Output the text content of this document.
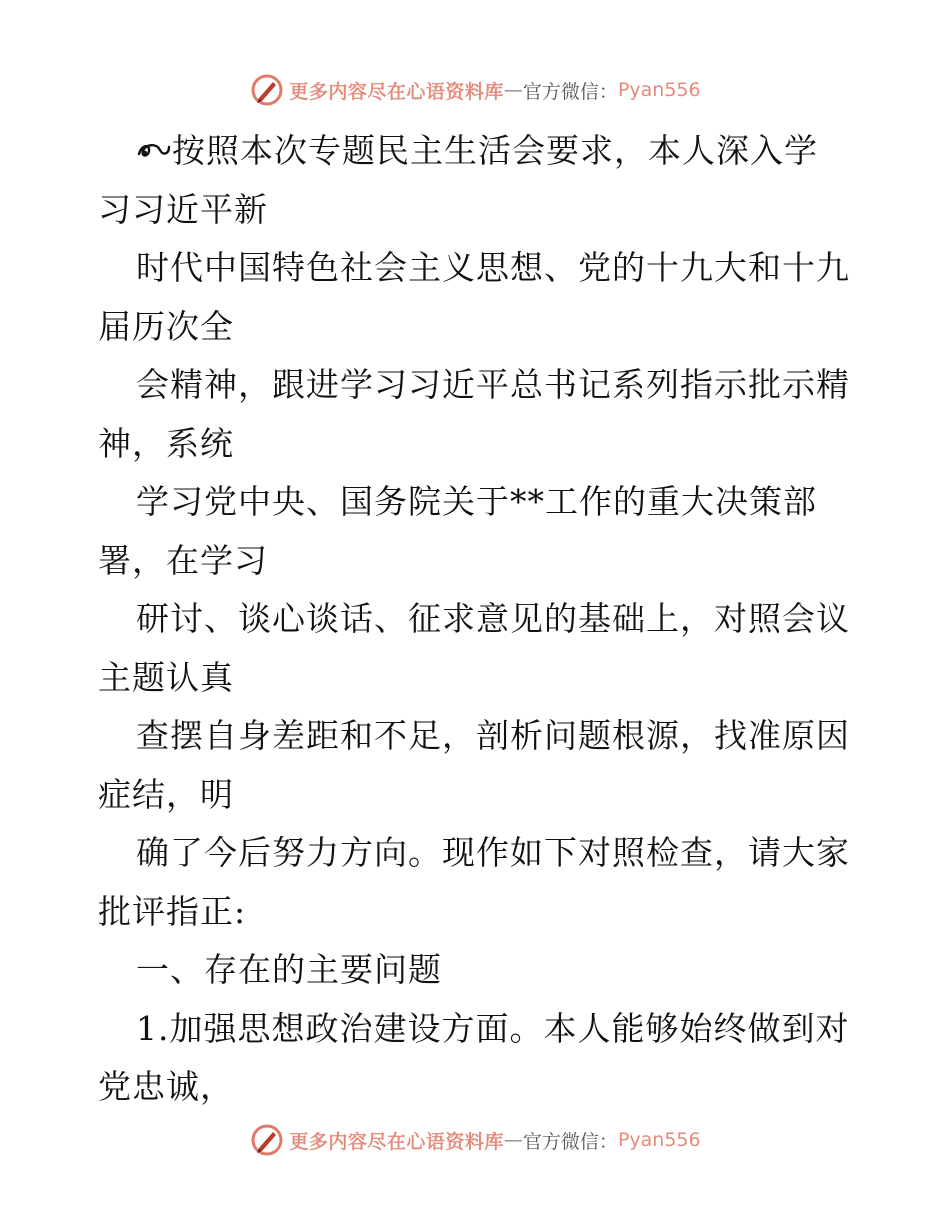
更多内容尽在心语资料库 — 官方微信： Pyan556
按照本次专题民主生活会要求，本人深入学
习习近平新
时代中国特色社会主义思想、党的十九大和十九
届历次全
会精神，跟进学习习近平总书记系列指示批示精
神，系统
学习党中央、国务院关于**工作的重大决策部
署，在学习
研讨、谈心谈话、征求意见的基础上，对照会议
主题认真
查摆自身差距和不足，剖析问题根源，找准原因
症结，明
确了今后努力方向。现作如下对照检查，请大家
批评指正:
一、存在的主要问题
1.加强思想政治建设方面。本人能够始终做到对
党忠诚，
更多内容尽在心语资料库 — 官方微信： Pyan556
